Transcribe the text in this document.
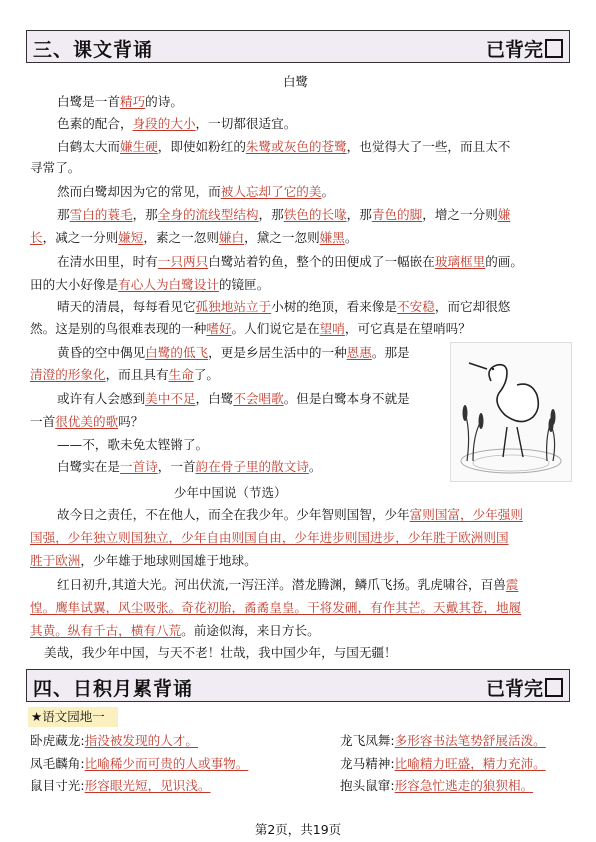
三、课文背诵	已背完
白鹭
白鹭是一首精巧的诗。
色素的配合，身段的大小，一切都很适宜。
白鹤太大而嫌生硬，即使如粉红的朱鹭或灰色的苍鹭，也觉得大了一些，而且太不
寻常了。
然而白鹭却因为它的常见，而被人忘却了它的美。
那雪白的蓑毛，那全身的流线型结构，那铁色的长喙，那青色的脚，增之一分则嫌
长，减之一分则嫌短，素之一忽则嫌白，黛之一忽则嫌黑。
在清水田里，时有一只两只白鹭站着钓鱼，整个的田便成了一幅嵌在玻璃框里的画。
田的大小好像是有心人为白鹭设计的镜匣。
晴天的清晨，每每看见它孤独地站立于小树的绝顶，看来像是不安稳，而它却很悠
然。这是别的鸟很难表现的一种嗜好。人们说它是在望哨，可它真是在望哨吗？
黄昏的空中偶见白鹭的低飞，更是乡居生活中的一种恩惠。那是
清澄的形象化，而且具有生命了。
或许有人会感到美中不足，白鹭不会唱歌。但是白鹭本身不就是
一首很优美的歌吗？
——不，歌未免太铿锵了。
白鹭实在是一首诗，一首韵在骨子里的散文诗。
少年中国说（节选）
故今日之责任，不在他人，而全在我少年。少年智则国智，少年富则国富，少年强则
国强，少年独立则国独立，少年自由则国自由，少年进步则国进步，少年胜于欧洲则国
胜于欧洲，少年雄于地球则国雄于地球。
红日初升,其道大光。河出伏流,一泻汪洋。潜龙腾渊，鳞爪飞扬。乳虎啸谷，百兽震
惶。鹰隼试翼，风尘吸张。奇花初胎，矞矞皇皇。干将发硎，有作其芒。天戴其苍，地履
其黄。纵有千古，横有八荒。前途似海，来日方长。
美哉，我少年中国，与天不老！壮哉，我中国少年，与国无疆！
四、日积月累背诵	已背完
★语文园地一
卧虎藏龙:指没被发现的人才。	龙飞凤舞:多形容书法笔势舒展活泼。
凤毛麟角:比喻稀少而可贵的人或事物。	龙马精神:比喻精力旺盛，精力充沛。
鼠目寸光:形容眼光短，见识浅。	抱头鼠窜:形容急忙逃走的狼狈相。
第2页，共19页
